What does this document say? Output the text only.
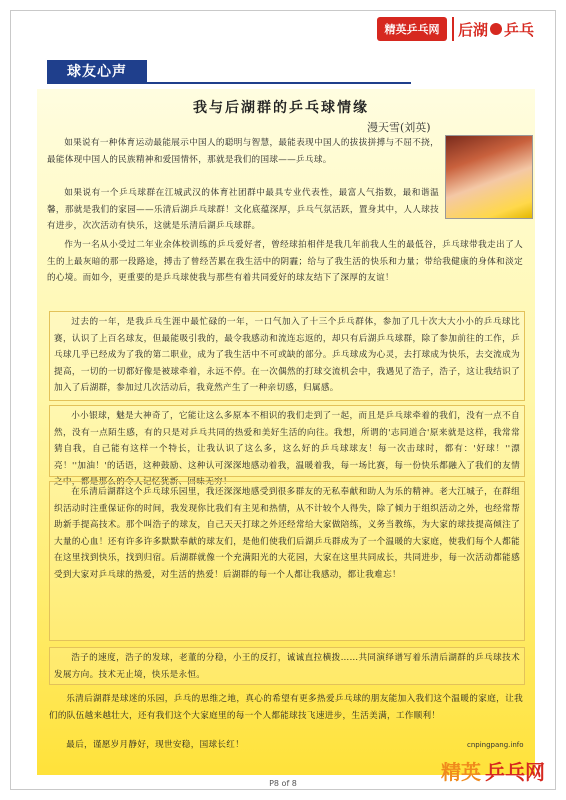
精英乒乓网	后湖 乒乓
球友心声
我与后湖群的乒乓球情缘
漫天雪(刘英)

如果说有一种体育运动最能展示中国人的聪明与智慧，最能表现中国人的拔拔拼搏与不屈不挠，最能体现中国人的民族精神和爱国情怀，那就是我们的国球——乒乓球。

如果说有一个乒乓球群在江城武汉的体育社团群中最具专业代表性，最富人气指数，最和谐温馨，那就是我们的家园——乐清后湖乒乓球群！文化底蕴深厚，乒乓气氛活跃，置身其中，人人球技有进步，次次活动有快乐，这就是乐清后湖乒乓球群。

作为一名从小受过二年业余体校训练的乒乓爱好者，曾经球拍相伴是我几年前我人生的最低谷，乒乓球带我走出了人生的上最灰暗的那一段路途，搏击了曾经苦累在我生活中的阴霾；给与了我生活的快乐和力量；带给我健康的身体和淡定的心境。而如今，更重要的是乒乓球使我与那些有着共同爱好的球友结下了深厚的友谊！

过去的一年，是我乒乓生涯中最忙碌的一年，一口气加入了十三个乒乓群体，参加了几十次大大小小的乒乓球比赛，认识了上百名球友，但最能吸引我的，最令我感动和流连忘返的，却只有后湖乒乓球群，除了参加前往的工作，乒乓球几乎已经成为了我的第二职业，成为了我生活中不可或缺的部分。乒乓球成为心灵，去打球成为快乐，去交流成为提高，一切的一切都好像是被球牵着，永远不停。在一次偶然的打球交流机会中，我遇见了浩子，浩子，这让我结识了加入了后湖群，参加过几次活动后，我竟然产生了一种亲切感，归属感。

小小银球，魅是大神奇了，它能让这么多原本不相识的我们走到了一起，而且是乒乓球牵着的我们，没有一点不自然，没有一点陌生感，有的只是对乒乓共同的热爱和美好生活的向往。我想，所谓的'志同道合'原来就是这样，我常常猜自我，自己能有这样一个特长，让我认识了这么多，这么好的乒乓球球友！每一次击球时，都有：'好球！''漂亮！''加油！'的话语，这种鼓励、这种认可深深地感动着我，温暖着我，每一场比赛，每一份快乐都融入了我们的友情之中，都是那么的令人记忆犹新、回味无穷！

在乐清后湖群这个乒乓球乐园里，我还深深地感受到很多群友的无私奉献和助人为乐的精神。老大江城子，在群组织活动时注重保证你的时间，我发现你比我们有主见和热情，从不计较个人得失，除了倾力于组织活动之外，也经常帮助新手提高技术。那个叫浩子的球友，自己天天打球之外还经常给大家做陪练，义务当教练，为大家的球技提高倾注了大量的心血！还有许多许多默默奉献的球友们，是他们使我们后湖乒乓群成为了一个温暖的大家庭，使我们每个人都能在这里找到快乐，找到归宿。后湖群就像一个充满阳光的大花园，大家在这里共同成长，共同进步，每一次活动都能感受到大家对乒乓球的热爱，对生活的热爱！后湖群的每一个人都让我感动，都让我难忘！

浩子的速度，浩子的发球，老董的分稳，小王的反打，诚诚直拉横拨……共同演绎谱写着乐清后湖群的乒乓球技术发展方向。技术无止境，快乐是永恒。

乐清后湖群是球迷的乐园，乒乓的思维之地，真心的希望有更多热爱乒乓球的朋友能加入我们这个温暖的家庭，让我们的队伍越来越壮大，还有我们这个大家庭里的每一个人都能球技飞速进步，生活美满，工作顺利！

最后，谨愿岁月静好，现世安稳，国球长红！	cnpingpang.info
精英 乒乓网
P8 of 8
